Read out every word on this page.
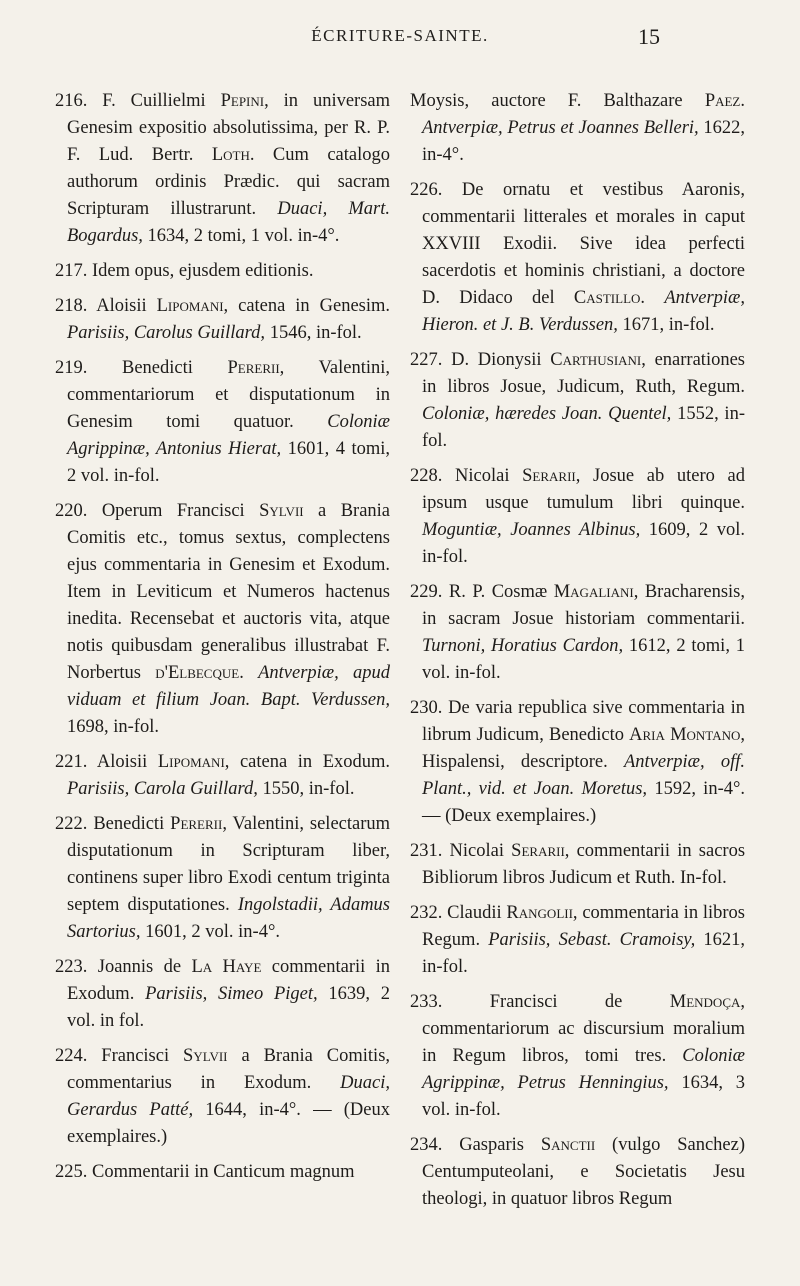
ÉCRITURE-SAINTE.	15

216. F. Cuillielmi Pepini, in universam Genesim expositio absolutissima, per R. P. F. Lud. Bertr. Loth. Cum catalogo authorum ordinis Prædic. qui sacram Scripturam illustrarunt. Duaci, Mart. Bogardus, 1634, 2 tomi, 1 vol. in-4°.

217. Idem opus, ejusdem editionis.

218. Aloisii Lipomani, catena in Genesim. Parisiis, Carolus Guillard, 1546, in-fol.

219. Benedicti Pererii, Valentini, commentariorum et disputationum in Genesim tomi quatuor. Coloniæ Agrippinæ, Antonius Hierat, 1601, 4 tomi, 2 vol. in-fol.

220. Operum Francisci Sylvii a Brania Comitis etc., tomus sextus, complectens ejus commentaria in Genesim et Exodum. Item in Leviticum et Numeros hactenus inedita. Recensebat et auctoris vita, atque notis quibusdam generalibus illustrabat F. Norbertus d'Elbecque. Antverpiæ, apud viduam et filium Joan. Bapt. Verdussen, 1698, in-fol.

221. Aloisii Lipomani, catena in Exodum. Parisiis, Carola Guillard, 1550, in-fol.

222. Benedicti Pererii, Valentini, selectarum disputationum in Scripturam liber, continens super libro Exodi centum triginta septem disputationes. Ingolstadii, Adamus Sartorius, 1601, 2 vol. in-4°.

223. Joannis de La Haye commentarii in Exodum. Parisiis, Simeo Piget, 1639, 2 vol. in fol.

224. Francisci Sylvii a Brania Comitis, commentarius in Exodum. Duaci, Gerardus Patté, 1644, in-4°. — (Deux exemplaires.)

225. Commentarii in Canticum magnum

Moysis, auctore F. Balthazare Paez. Antverpiæ, Petrus et Joannes Belleri, 1622, in-4°.

226. De ornatu et vestibus Aaronis, commentarii litterales et morales in caput XXVIII Exodii. Sive idea perfecti sacerdotis et hominis christiani, a doctore D. Didaco del Castillo. Antverpiæ, Hieron. et J. B. Verdussen, 1671, in-fol.

227. D. Dionysii Carthusiani, enarrationes in libros Josue, Judicum, Ruth, Regum. Coloniæ, hæredes Joan. Quentel, 1552, in-fol.

228. Nicolai Serarii, Josue ab utero ad ipsum usque tumulum libri quinque. Moguntiæ, Joannes Albinus, 1609, 2 vol. in-fol.

229. R. P. Cosmæ Magaliani, Bracharensis, in sacram Josue historiam commentarii. Turnoni, Horatius Cardon, 1612, 2 tomi, 1 vol. in-fol.

230. De varia republica sive commentaria in librum Judicum, Benedicto Aria Montano, Hispalensi, descriptore. Antverpiæ, off. Plant., vid. et Joan. Moretus, 1592, in-4°. — (Deux exemplaires.)

231. Nicolai Serarii, commentarii in sacros Bibliorum libros Judicum et Ruth. In-fol.

232. Claudii Rangolii, commentaria in libros Regum. Parisiis, Sebast. Cramoisy, 1621, in-fol.

233.	Francisci de	Mendoça, commentariorum ac discursium moralium in Regum libros, tomi tres. Coloniæ Agrippinæ, Petrus Henningius, 1634, 3 vol. in-fol.

234. Gasparis Sanctii (vulgo Sanchez) Centumputeolani, e Societatis Jesu theologi, in quatuor libros Regum
